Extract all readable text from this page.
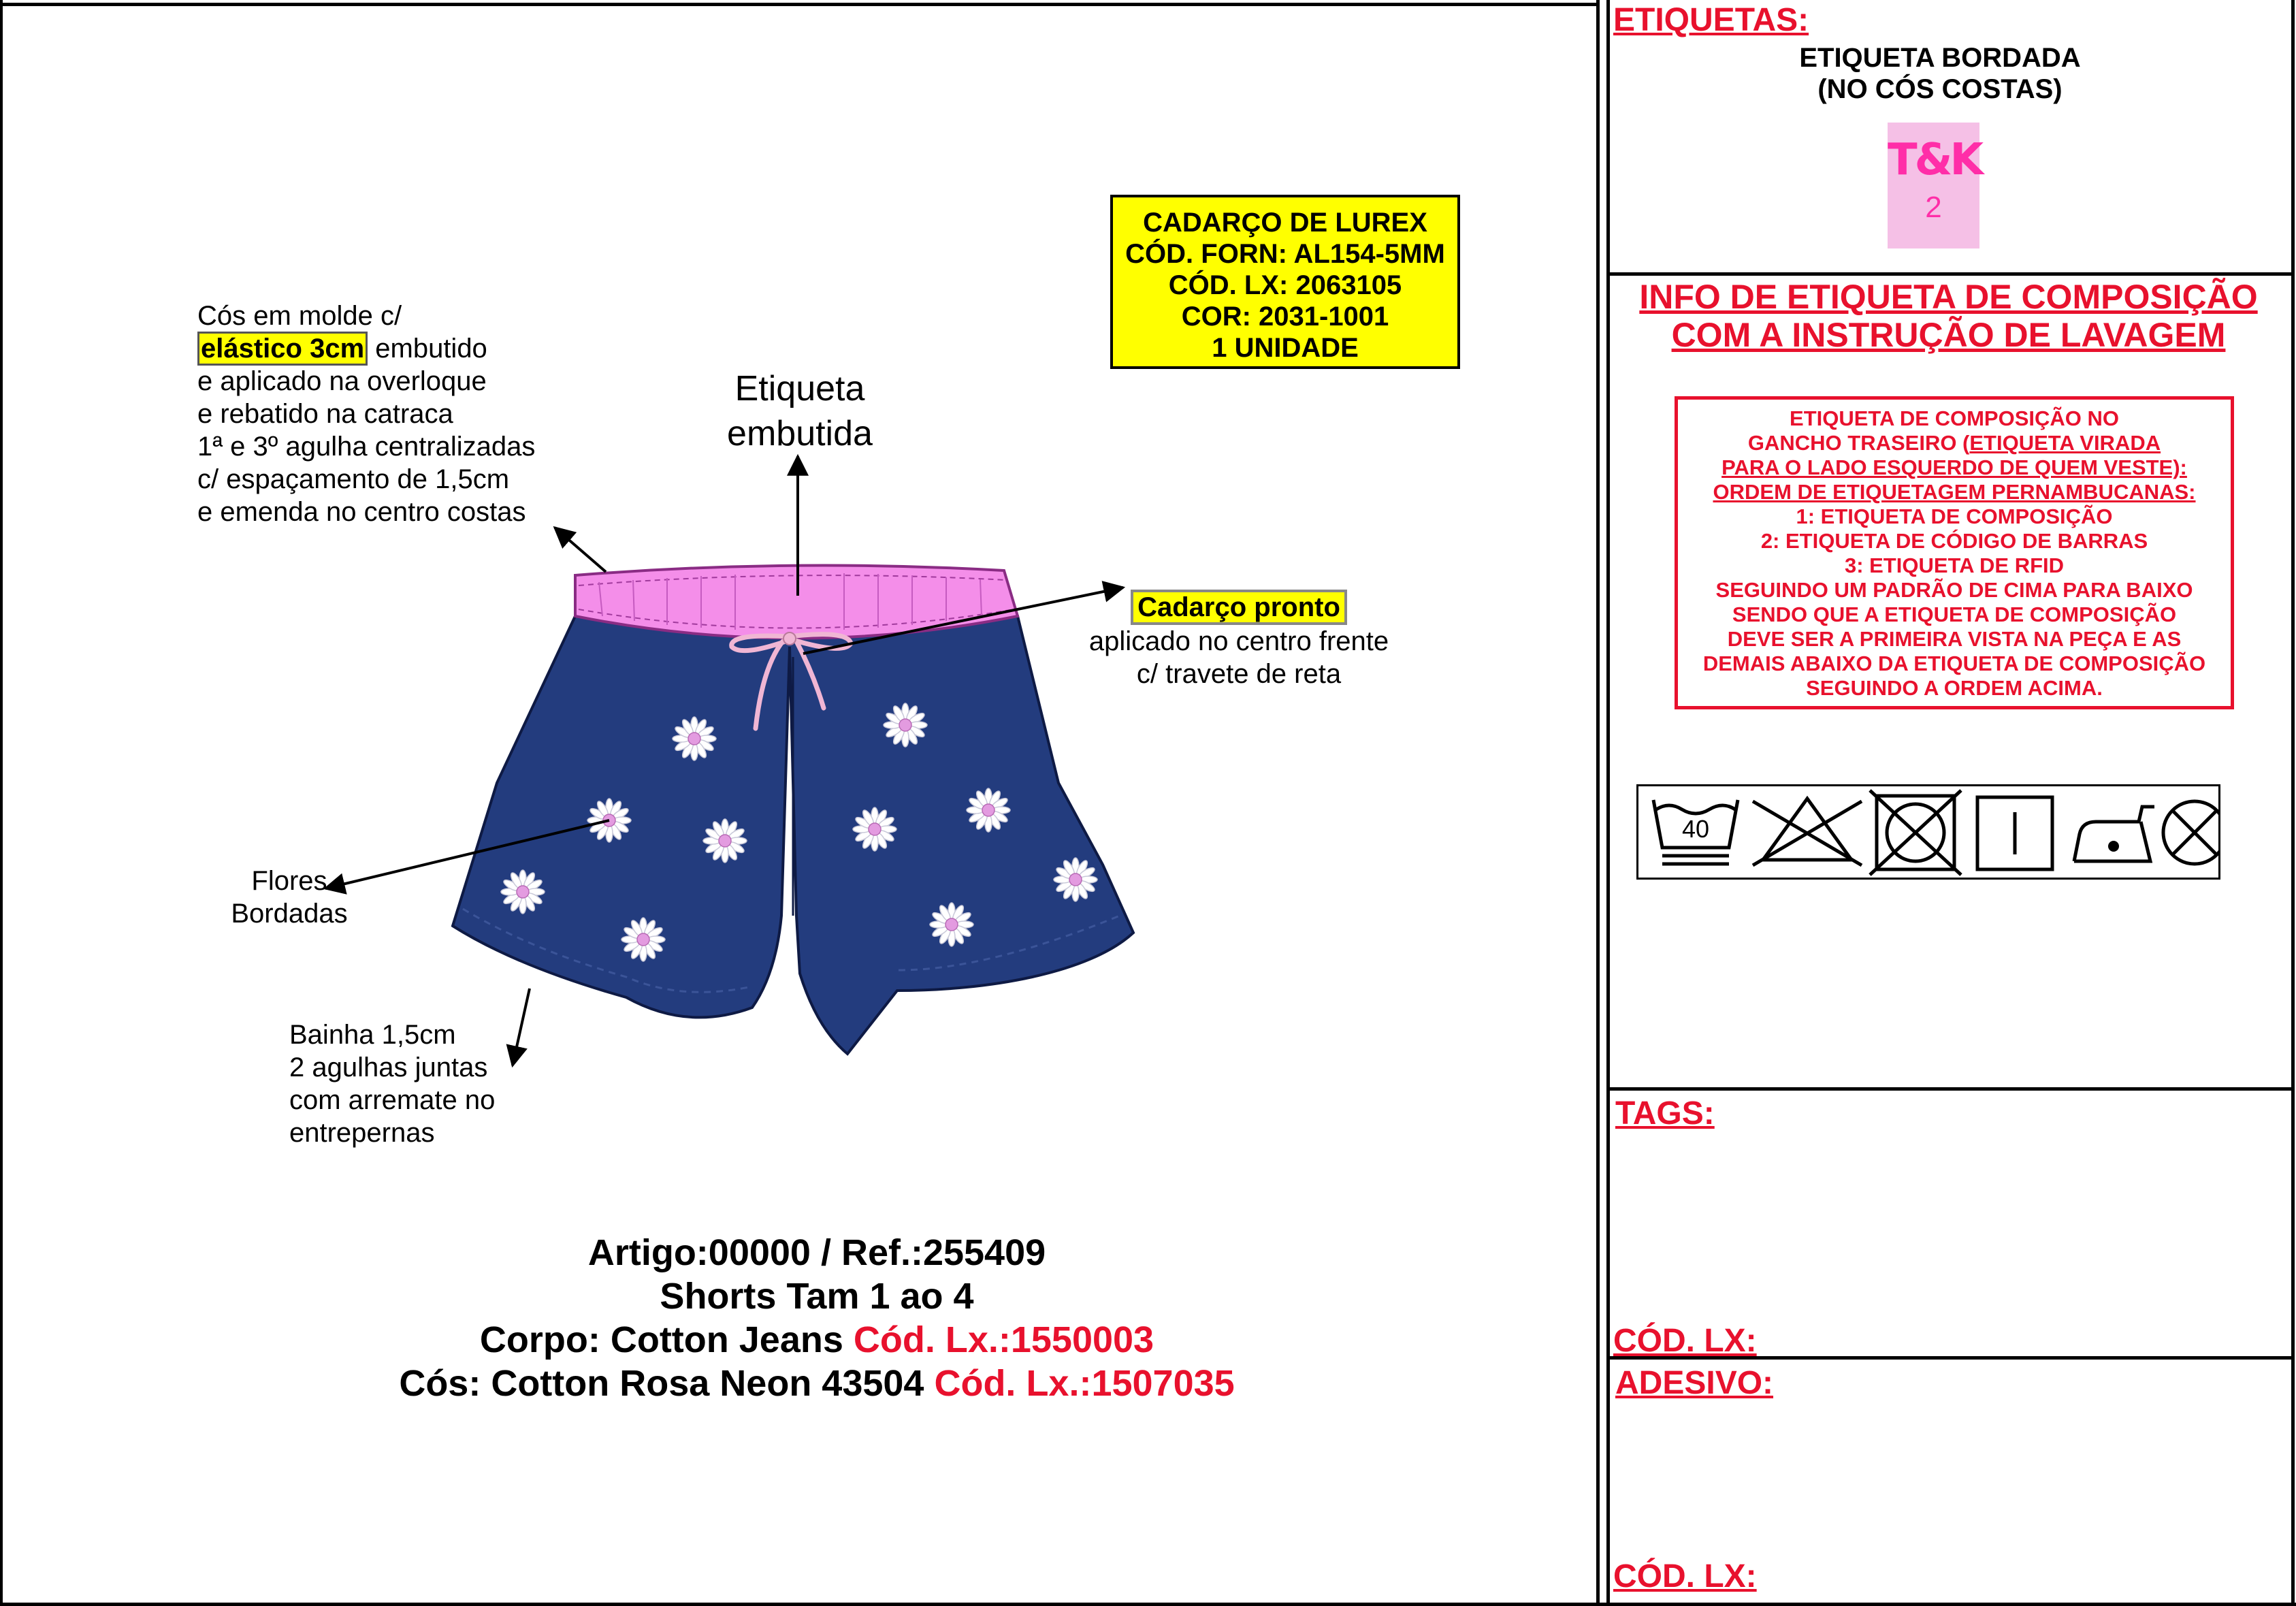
Cós em molde c/
elástico 3cm embutido
e aplicado na overloque
e rebatido na catraca
1ª e 3º agulha centralizadas
c/ espaçamento de 1,5cm
e emenda no centro costas
Etiqueta
embutida
Cadarço pronto
aplicado no centro frente
c/ travete de reta
Flores
Bordadas
Bainha 1,5cm
2 agulhas juntas
com arremate no
entrepernas
CADARÇO DE LUREX
CÓD. FORN: AL154-5MM
CÓD. LX: 2063105
COR: 2031-1001
1 UNIDADE
Artigo:00000 / Ref.:255409
Shorts Tam 1 ao 4
Corpo: Cotton Jeans Cód. Lx.:1550003
Cós: Cotton Rosa Neon 43504 Cód. Lx.:1507035
ETIQUETAS:
ETIQUETA BORDADA
(NO CÓS COSTAS)
T&K
2
INFO DE ETIQUETA DE COMPOSIÇÃO
COM A INSTRUÇÃO DE LAVAGEM
ETIQUETA DE COMPOSIÇÃO NO
GANCHO TRASEIRO (ETIQUETA VIRADA
PARA O LADO ESQUERDO DE QUEM VESTE):
ORDEM DE ETIQUETAGEM PERNAMBUCANAS:
1: ETIQUETA DE COMPOSIÇÃO
2: ETIQUETA DE CÓDIGO DE BARRAS
3: ETIQUETA DE RFID
SEGUINDO UM PADRÃO DE CIMA PARA BAIXO
SENDO QUE A ETIQUETA DE COMPOSIÇÃO
DEVE SER A PRIMEIRA VISTA NA PEÇA E AS
DEMAIS ABAIXO DA ETIQUETA DE COMPOSIÇÃO
SEGUINDO A ORDEM ACIMA.
40
TAGS:
CÓD. LX:
ADESIVO:
CÓD. LX:
